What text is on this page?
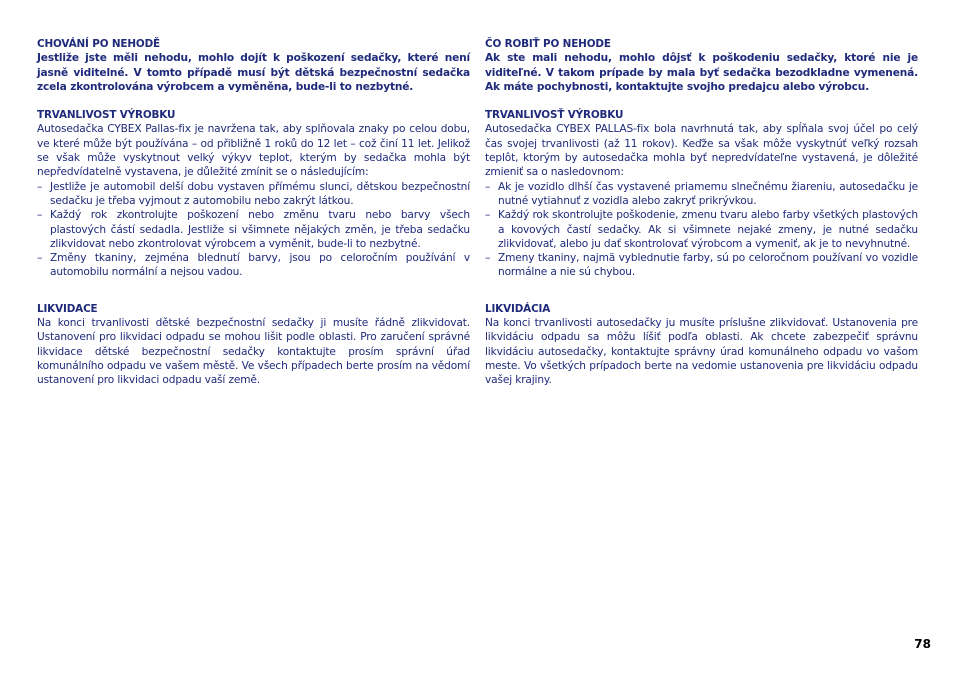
CHOVÁNÍ PO NEHODĚ

Jestliže jste měli nehodu, mohlo dojít k poškození sedačky, které není jasně viditelné. V tomto případě musí být dětská bezpečnostní sedačka zcela zkontrolována výrobcem a vyměněna, bude-li to nezbytné.

TRVANLIVOST VÝROBKU

Autosedačka CYBEX Pallas-fix je navržena tak, aby splňovala znaky po celou dobu, ve které může být používána – od přibližně 1 roků do 12 let – což činí 11 let. Jelikož se však může vyskytnout velký výkyv teplot, kterým by sedačka mohla být nepředvídatelně vystavena, je důležité zmínit se o následujícím:

– Jestliže je automobil delší dobu vystaven přímému slunci, dětskou bezpečnostní sedačku je třeba vyjmout z automobilu nebo zakrýt látkou.
– Každý rok zkontrolujte poškození nebo změnu tvaru nebo barvy všech plastových částí sedadla. Jestliže si všimnete nějakých změn, je třeba sedačku zlikvidovat nebo zkontrolovat výrobcem a vyměnit, bude-li to nezbytné.
– Změny tkaniny, zejména blednutí barvy, jsou po celoročním používání v automobilu normální a nejsou vadou.

LIKVIDACE

Na konci trvanlivosti dětské bezpečnostní sedačky ji musíte řádně zlikvidovat. Ustanovení pro likvidaci odpadu se mohou lišit podle oblasti. Pro zaručení správné likvidace dětské bezpečnostní sedačky kontaktujte prosím správní úřad komunálního odpadu ve vašem městě. Ve všech případech berte prosím na vědomí ustanovení pro likvidaci odpadu vaší země.

ČO ROBIŤ PO NEHODE

Ak ste mali nehodu, mohlo dôjsť k poškodeniu sedačky, ktoré nie je viditeľné. V takom prípade by mala byť sedačka bezodkladne vymenená. Ak máte pochybnosti, kontaktujte svojho predajcu alebo výrobcu.

TRVANLIVOSŤ VÝROBKU

Autosedačka CYBEX PALLAS-fix bola navrhnutá tak, aby spĺňala svoj účel po celý čas svojej trvanlivosti (až 11 rokov). Keďže sa však môže vyskytnúť veľký rozsah teplôt, ktorým by autosedačka mohla byť nepredvídateľne vystavená, je dôležité zmieniť sa o nasledovnom:

– Ak je vozidlo dlhší čas vystavené priamemu slnečnému žiareniu, autosedačku je nutné vytiahnuť z vozidla alebo zakryť prikrývkou.
– Každý rok skontrolujte poškodenie, zmenu tvaru alebo farby všetkých plastových a kovových častí sedačky. Ak si všimnete nejaké zmeny, je nutné sedačku zlikvidovať, alebo ju dať skontrolovať výrobcom a vymeniť, ak je to nevyhnutné.
– Zmeny tkaniny, najmä vyblednutie farby, sú po celoročnom používaní vo vozidle normálne a nie sú chybou.

LIKVIDÁCIA

Na konci trvanlivosti autosedačky ju musíte príslušne zlikvidovať. Ustanovenia pre likvidáciu odpadu sa môžu líšiť podľa oblasti. Ak chcete zabezpečiť správnu likvidáciu autosedačky, kontaktujte správny úrad komunálneho odpadu vo vašom meste. Vo všetkých prípadoch berte na vedomie ustanovenia pre likvidáciu odpadu vašej krajiny.

78
